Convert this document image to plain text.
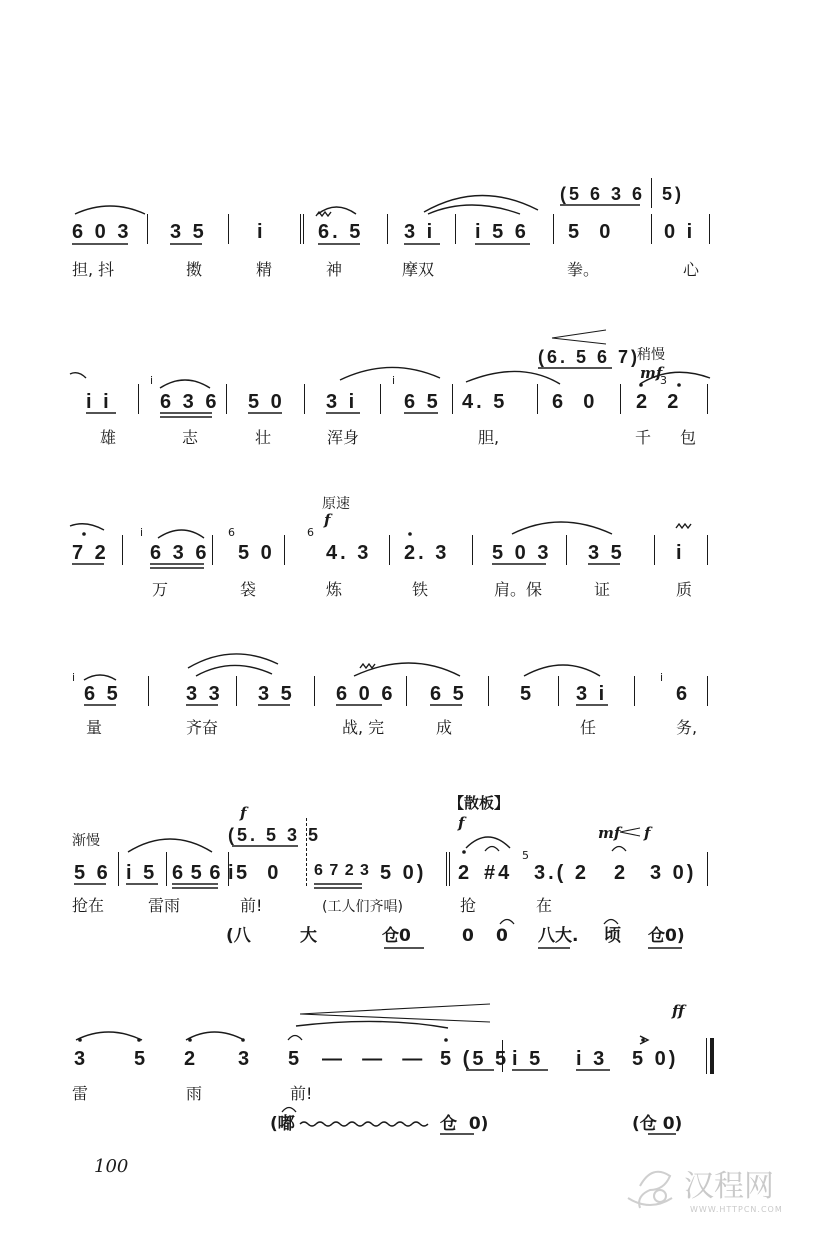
(5 6 3 6 5)
6 0 3 3 5	i	6. 5 3 i i 5 6 5  0	0 i
担, 抖	擞	精	神	摩双	拳。	心
(6. 5 6 7)
稍慢
mf
i i
i
6 3 6 5 0 3 i
i
6 5 4. 5 6  0
3
2  2
雄	志	壮	浑身	胆,	千 包
原速
f
7 2
i
6 3 6
6
5 0
6
4. 3 2. 3 5 0 3 3 5	i
万	袋	炼	铁	肩。保	证	质
i
6 5	3 3 3 5 6 0 6 6 5	5 3 i
i
6
量	齐奋	战, 完	成	任	务,
【散板】
f
f
mf f
(5. 5 3 5
渐慢
5 6 i 5 6 5 6 i 5  0 6 7 2 3 5 0) 2 #4
5
3.( 2 2 3 0)
抢在	雷雨	前!	(工人们齐唱)	抢	在
(八	大	仓0	0 0 八大. 顷 仓0)
ff
3 5 2 3 5 —  —  — 5 (5 5 i 5 i 3 5 0)
雷	雨	前!
(嘟	仓  0)	(仓 0)
100
汉程网
WWW.HTTPCN.COM
